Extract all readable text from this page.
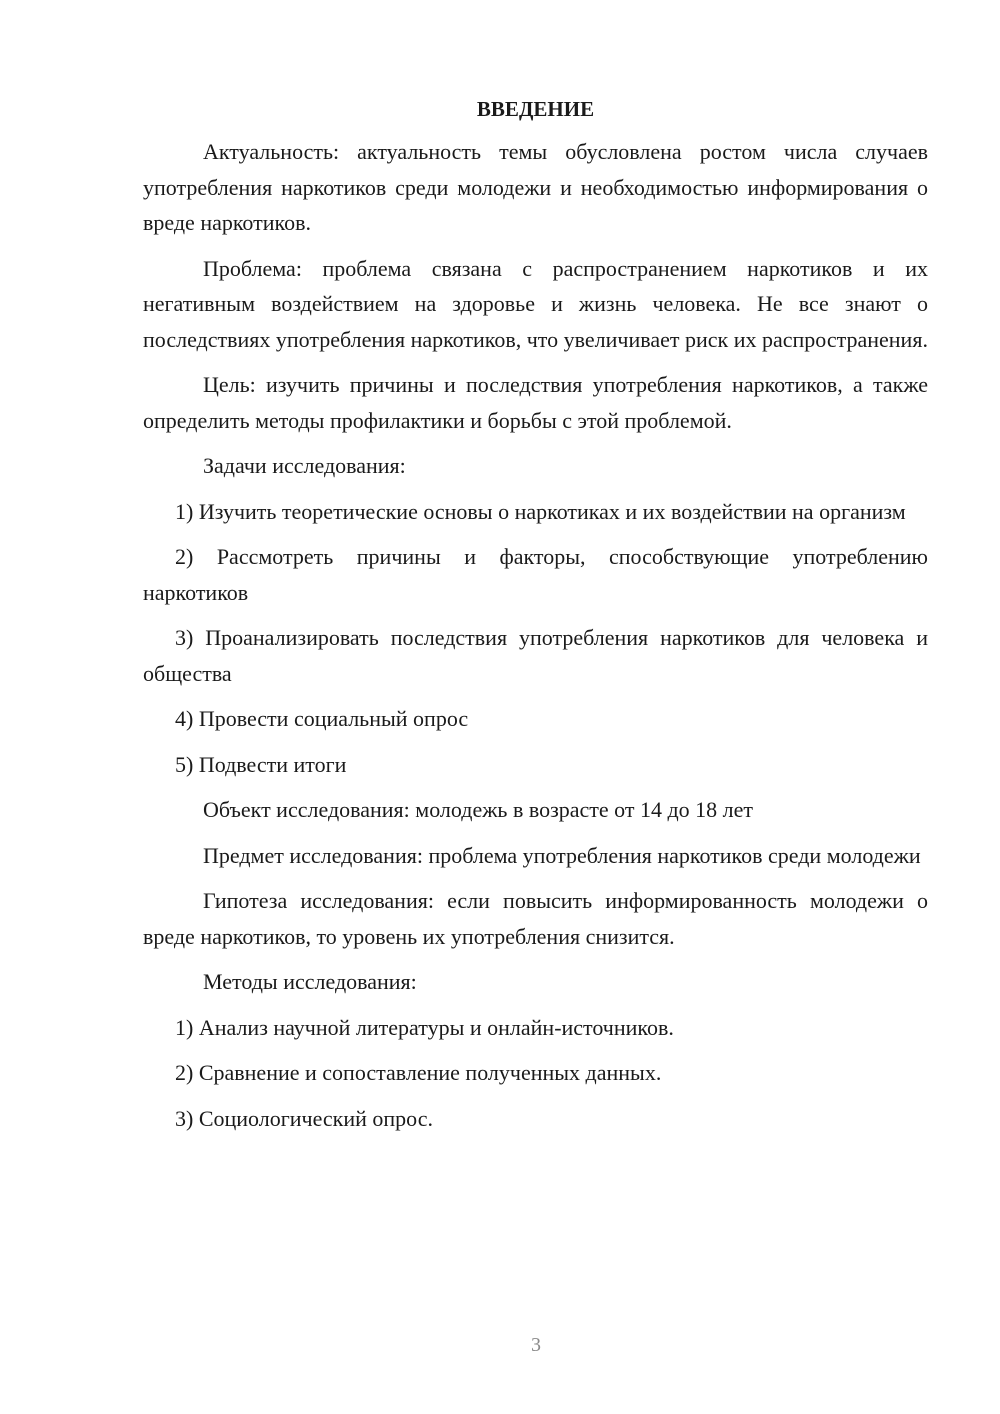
ВВЕДЕНИЕ

Актуальность: актуальность темы обусловлена ростом числа случаев употребления наркотиков среди молодежи и необходимостью информирования о вреде наркотиков.

Проблема: проблема связана с распространением наркотиков и их негативным воздействием на здоровье и жизнь человека. Не все знают о последствиях употребления наркотиков, что увеличивает риск их распространения.

Цель: изучить причины и последствия употребления наркотиков, а также определить методы профилактики и борьбы с этой проблемой.

Задачи исследования:

1) Изучить теоретические основы о наркотиках и их воздействии на организм

2) Рассмотреть причины и факторы, способствующие употреблению наркотиков

3) Проанализировать последствия употребления наркотиков для человека и общества

4) Провести социальный опрос

5) Подвести итоги

Объект исследования: молодежь в возрасте от 14 до 18 лет

Предмет исследования: проблема употребления наркотиков среди молодежи

Гипотеза исследования: если повысить информированность молодежи о вреде наркотиков, то уровень их употребления снизится.

Методы исследования:

1) Анализ научной литературы и онлайн-источников.

2) Сравнение и сопоставление полученных данных.

3) Социологический опрос.

3
